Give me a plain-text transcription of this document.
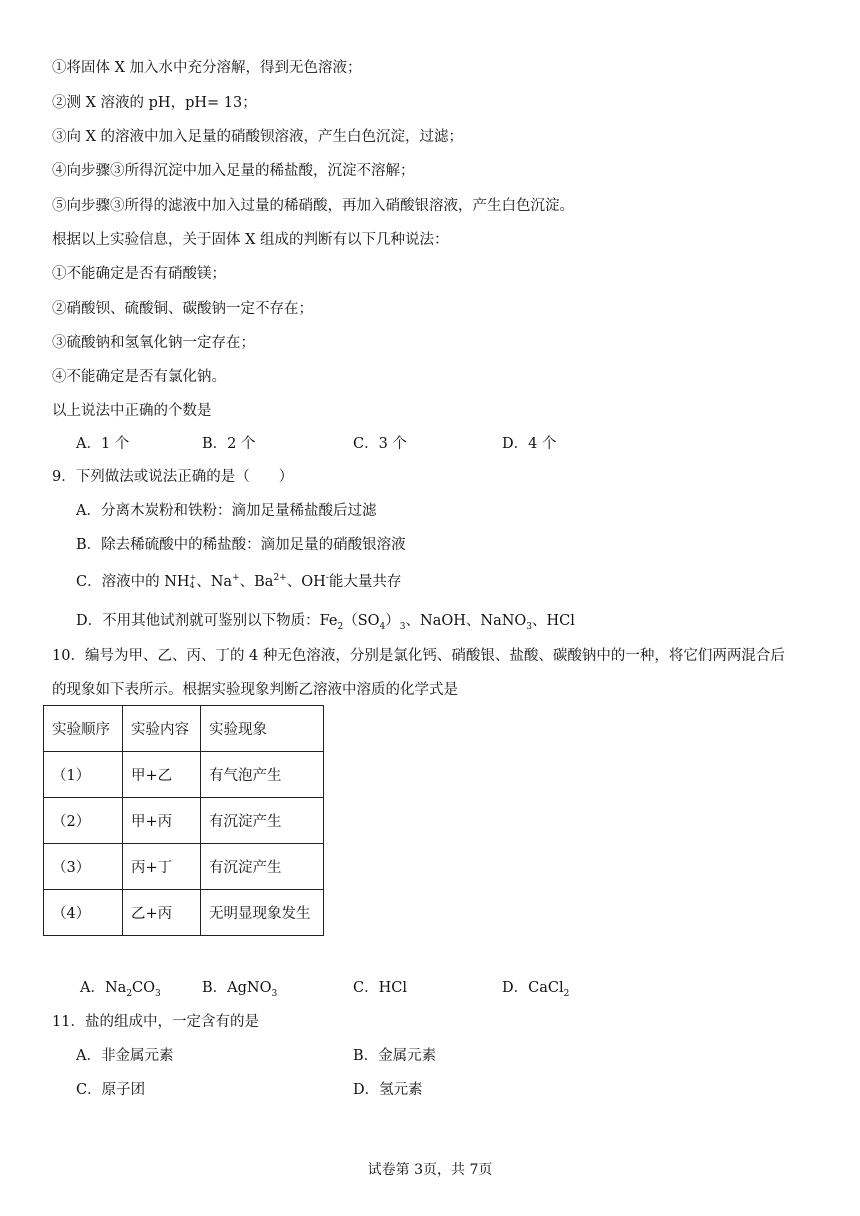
①将固体 X 加入水中充分溶解，得到无色溶液；
②测 X 溶液的 pH，pH= 13；
③向 X 的溶液中加入足量的硝酸钡溶液，产生白色沉淀，过滤；
④向步骤③所得沉淀中加入足量的稀盐酸，沉淀不溶解；
⑤向步骤③所得的滤液中加入过量的稀硝酸，再加入硝酸银溶液，产生白色沉淀。
根据以上实验信息，关于固体 X 组成的判断有以下几种说法：
①不能确定是否有硝酸镁；
②硝酸钡、硫酸铜、碳酸钠一定不存在；
③硫酸钠和氢氧化钠一定存在；
④不能确定是否有氯化钠。
以上说法中正确的个数是
A．1 个	B．2 个	C．3 个	D．4 个
9．下列做法或说法正确的是（　　）
A．分离木炭粉和铁粉：滴加足量稀盐酸后过滤
B．除去稀硫酸中的稀盐酸：滴加足量的硝酸银溶液
C．溶液中的 NH +
4 、Na+、$Ba^{2+}$、OH-能大量共存
D．不用其他试剂就可鉴别以下物质：$Fe_2(SO_4)_3$、NaOH、NaNO$_3$、HCl
10．编号为甲、乙、丙、丁的 4 种无色溶液，分别是氯化钙、硝酸银、盐酸、碳酸钠中的一种，将它们两两混合后
的现象如下表所示。根据实验现象判断乙溶液中溶质的化学式是
实验顺序	实验内容	实验现象
（1）	甲+乙	有气泡产生
（2）	甲+丙	有沉淀产生
（3）	丙+丁	有沉淀产生
（4）	乙+丙	无明显现象发生
A．$Na_2CO_3$	B．AgNO$_3$	C．HCl	D．CaCl$_2$
11．盐的组成中，一定含有的是
A．非金属元素	B．金属元素
C．原子团	D．氢元素
试卷第 3页，共 7页
